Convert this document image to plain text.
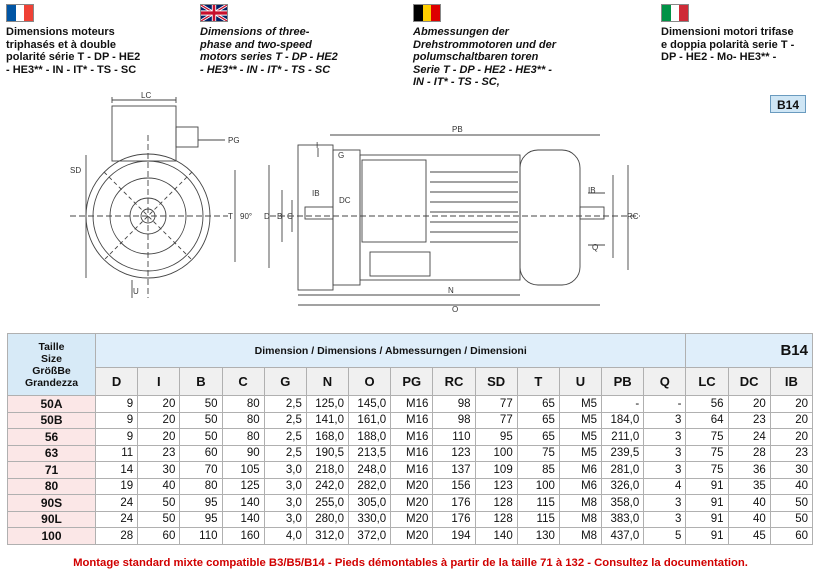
Dimensions moteurs triphasés et à double polarité série T - DP - HE2 - HE3** - IN - IT* - TS - SC
Dimensions of three-phase and two-speed motors series T - DP - HE2 - HE3** - IN - IT* - TS - SC
Abmessungen der Drehstrommotoren und der polumschaltbaren toren Serie T - DP - HE2 - HE3** - IN - IT* - TS - SC,
Dimensioni motori trifase e doppia polarità serie T - DP - HE2 - Mo- HE3** -
B14
LC
PG
SD
T 90°
U
PB
I
G
DC
IB
D B C	RC
IB
Q
N
O
Taille
Size
GrößBe
Grandezza	Dimension / Dimensions / Abmessurngen / Dimensioni														B14		
	D	I	B	C	G	N	O	PG	RC	SD	T	U	PB	Q	LC	DC	IB
50A	9	20	50	80	2,5	125,0	145,0	M16	98	77	65	M5	-	-	56	20	20
50B	9	20	50	80	2,5	141,0	161,0	M16	98	77	65	M5	184,0	3	64	23	20
56	9	20	50	80	2,5	168,0	188,0	M16	110	95	65	M5	211,0	3	75	24	20
63	11	23	60	90	2,5	190,5	213,5	M16	123	100	75	M5	239,5	3	75	28	23
71	14	30	70	105	3,0	218,0	248,0	M16	137	109	85	M6	281,0	3	75	36	30
80	19	40	80	125	3,0	242,0	282,0	M20	156	123	100	M6	326,0	4	91	35	40
90S	24	50	95	140	3,0	255,0	305,0	M20	176	128	115	M8	358,0	3	91	40	50
90L	24	50	95	140	3,0	280,0	330,0	M20	176	128	115	M8	383,0	3	91	40	50
100	28	60	110	160	4,0	312,0	372,0	M20	194	140	130	M8	437,0	5	91	45	60
Montage standard mixte compatible B3/B5/B14 - Pieds démontables à partir de la taille 71 à 132 - Consultez la documentation.
